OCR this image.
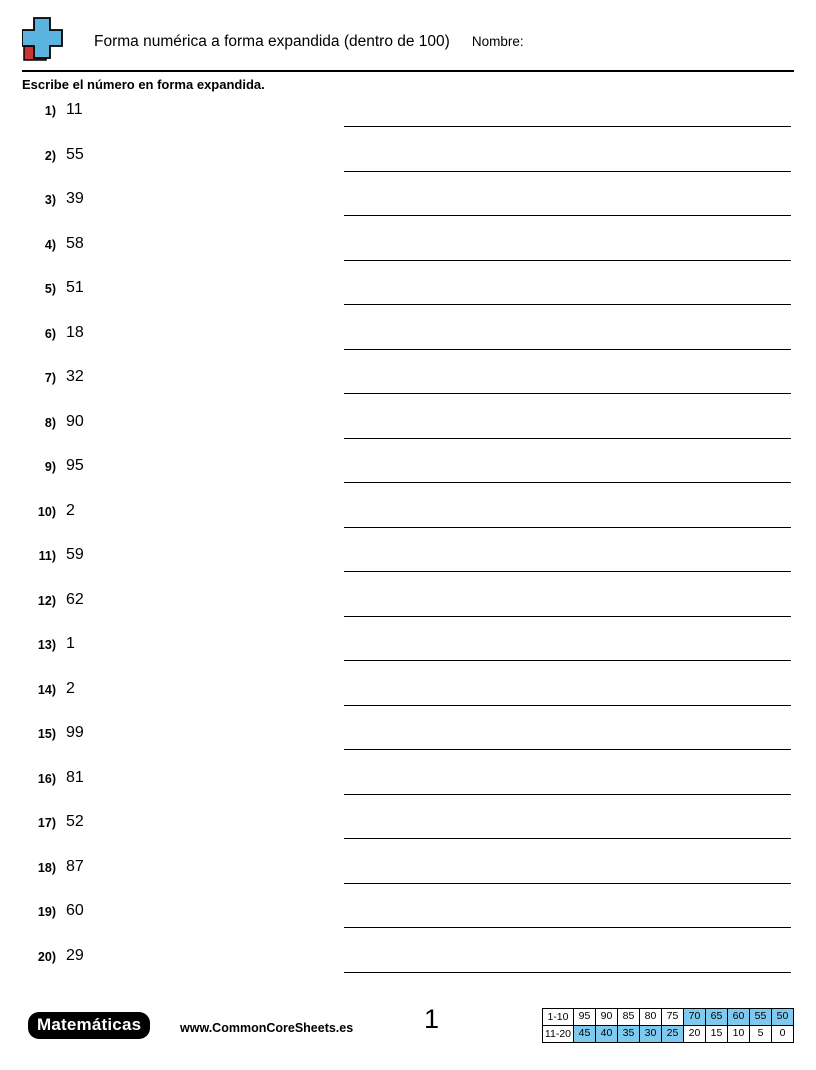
Forma numérica a forma expandida (dentro de 100) Nombre:
Escribe el número en forma expandida.
1) 11
2) 55
3) 39
4) 58
5) 51
6) 18
7) 32
8) 90
9) 95
10) 2
11) 59
12) 62
13) 1
14) 2
15) 99
16) 81
17) 52
18) 87
19) 60
20) 29
Matemáticas	www.CommonCoreSheets.es	1	1-10	95	90	85	80	75	70	65	60	55	50
11-20	45	40	35	30	25	20	15	10	5	0
